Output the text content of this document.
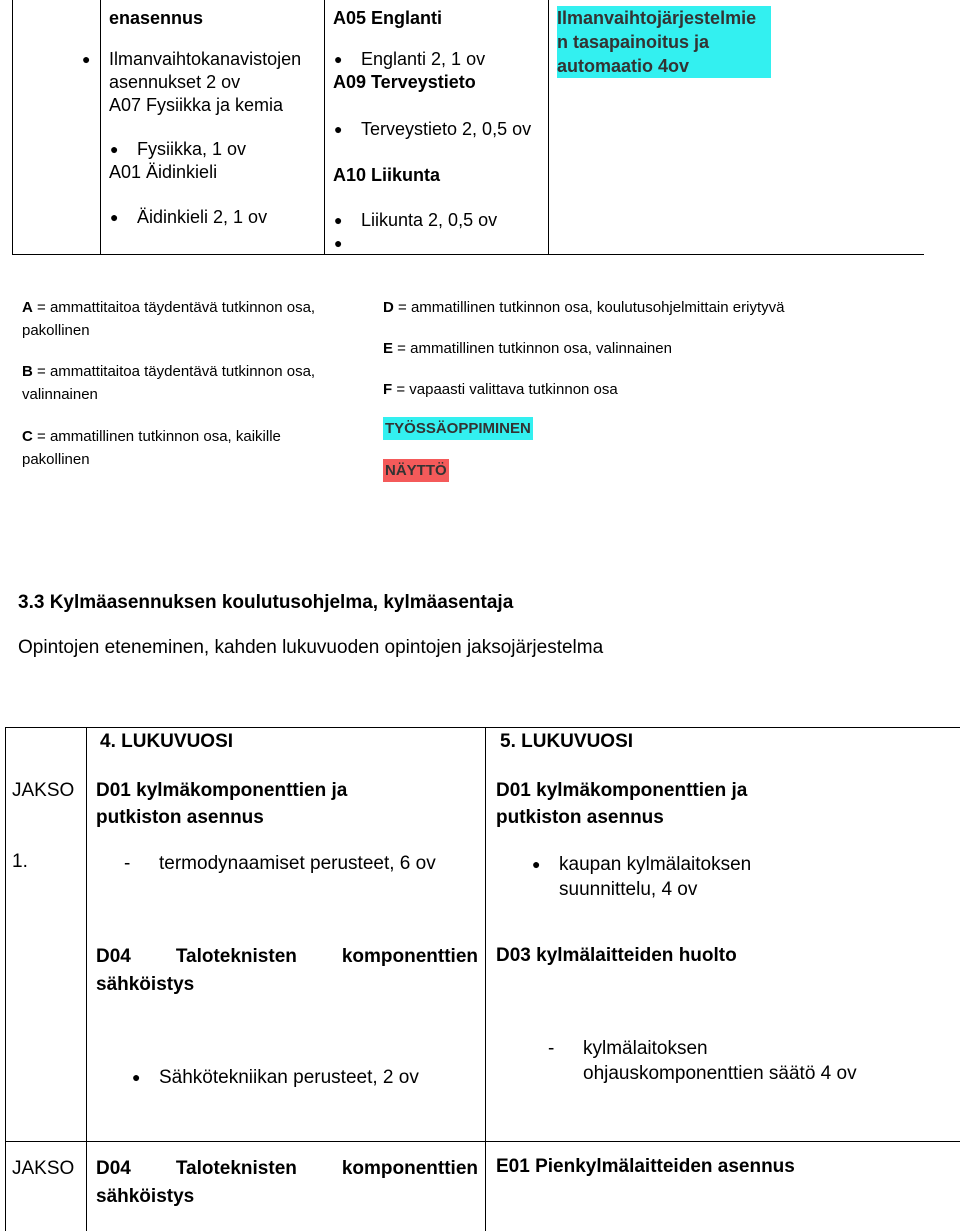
enasennus
● Ilmanvaihtokanavistojen asennukset 2 ov
A07 Fysiikka ja kemia
● Fysiikka, 1 ov
A01 Äidinkieli
● Äidinkieli 2, 1 ov
A05 Englanti
● Englanti 2, 1 ov
A09 Terveystieto
● Terveystieto 2, 0,5 ov
A10 Liikunta
● Liikunta 2, 0,5 ov
Ilmanvaihtojärjestelmie
n tasapainoitus ja
automaatio 4ov
A = ammattitaitoa täydentävä tutkinnon osa, pakollinen
B = ammattitaitoa täydentävä tutkinnon osa, valinnainen
C = ammatillinen tutkinnon osa, kaikille pakollinen
D = ammatillinen tutkinnon osa, koulutusohjelmittain eriytyvä
E = ammatillinen tutkinnon osa, valinnainen
F = vapaasti valittava tutkinnon osa
TYÖSSÄOPPIMINEN
NÄYTTÖ
3.3 Kylmäasennuksen koulutusohjelma, kylmäasentaja
Opintojen eteneminen, kahden lukuvuoden opintojen jaksojärjestelma
4. LUKUVUOSI	5. LUKUVUOSI
JAKSO
1.
D01 kylmäkomponenttien ja putkiston asennus
D01 kylmäkomponenttien ja putkiston asennus
- termodynaamiset perusteet, 6 ov
●	kaupan kylmälaitoksen suunnittelu, 4 ov
D04 Taloteknisten komponenttien sähköistys
D03 kylmälaitteiden huolto
● Sähkötekniikan perusteet, 2 ov
- kylmälaitoksen ohjauskomponenttien säätö 4 ov
JAKSO D04 Taloteknisten komponenttien sähköistys
E01 Pienkylmälaitteiden asennus
